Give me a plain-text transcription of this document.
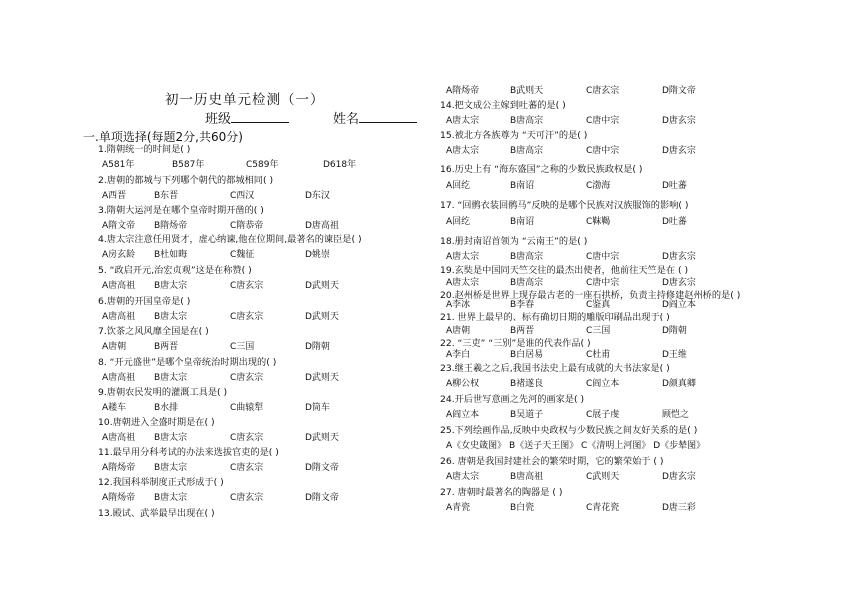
初一历史单元检测（一）
班级	姓名
一.单项选择(每题2分,共60分)
1.隋朝统一的时间是( )
A581年	B587年	C589年	D618年
2.唐朝的都城与下列哪个朝代的都城相同( )
A西晋	B东晋	C西汉	D东汉
3.隋朝大运河是在哪个皇帝时期开凿的( )
A隋文帝 B隋炀帝	C隋恭帝	D唐高祖
4.唐太宗注意任用贤才，虚心纳谏,他在位期间,最著名的谏臣是( )
A房玄龄 B杜如晦	C魏征	D姚崇
5. “政启开元,治宏贞观”这是在称赞( )
A唐高祖 B唐太宗	C唐玄宗	D武则天
6.唐朝的开国皇帝是( )
A唐高祖 B唐太宗	C唐玄宗	D武则天
7.饮茶之风风靡全国是在( )
A唐朝	B两晋	C三国	D隋朝
8. “开元盛世”是哪个皇帝统治时期出现的( )
A唐高祖 B唐太宗	C唐玄宗	D武则天
9.唐朝农民发明的灌溉工具是( )
A耧车	B水排	C曲辕犁	D筒车
10.唐朝进入全盛时期是在( )
A唐高祖 B唐太宗	C唐玄宗	D武则天
11.最早用分科考试的办法来选拔官吏的是( )
A隋炀帝 B唐太宗	C唐玄宗	D隋文帝
12.我国科举制度正式形成于( )
A隋炀帝 B唐太宗	C唐玄宗	D隋文帝
13.殿试、武举最早出现在( )
A隋炀帝	B武则天	C唐玄宗	D隋文帝
14.把文成公主嫁到吐蕃的是( )
A唐太宗	B唐高宗	C唐中宗	D唐玄宗
15.被北方各族尊为 “天可汗”的是( )
A唐太宗	B唐高宗	C唐中宗	D唐玄宗
16.历史上有 “海东盛国”之称的少数民族政权是( )
A回纥	B南诏	C渤海	D吐蕃
17. “回鹘衣装回鹘马”反映的是哪个民族对汉族服饰的影响( )
A回纥	B南诏	C靺鞨	D吐蕃
18.册封南诏首领为 “云南王”的是( )
A唐太宗	B唐高宗	C唐中宗	D唐玄宗
19.玄奘是中国同天竺交往的最杰出使者，他前往天竺是在 ( )
A唐太宗	B唐高宗	C唐中宗	D唐玄宗
20.赵州桥是世界上现存最古老的一座石拱桥，负责主持修建赵州桥的是( )
A李冰	B李春	C鉴真	D阎立本
21. 世界上最早的、标有确切日期的雕版印刷品出现于( )
A唐朝	B两晋	C三国	D隋朝
22. “三吏” “三别”是谁的代表作品( )
A李白	B白居易	C杜甫	D王维
23.继王羲之之后,我国书法史上最有成就的大书法家是( )
A柳公权	B褚遂良	C阎立本	D颜真卿
24.开后世写意画之先河的画家是( )
A阎立本	B吴道子	C展子虔	顾恺之
25.下列绘画作品,反映中央政权与少数民族之间友好关系的是( )
A《女史箴图》 B《送子天王图》 C《清明上河图》 D《步辇图》
26. 唐朝是我国封建社会的繁荣时期，它的繁荣始于 ( )
A唐太宗	B唐高祖	C武则天	D唐玄宗
27. 唐朝时最著名的陶器是 ( )
A青瓷	B白瓷	C青花瓷	D唐三彩
